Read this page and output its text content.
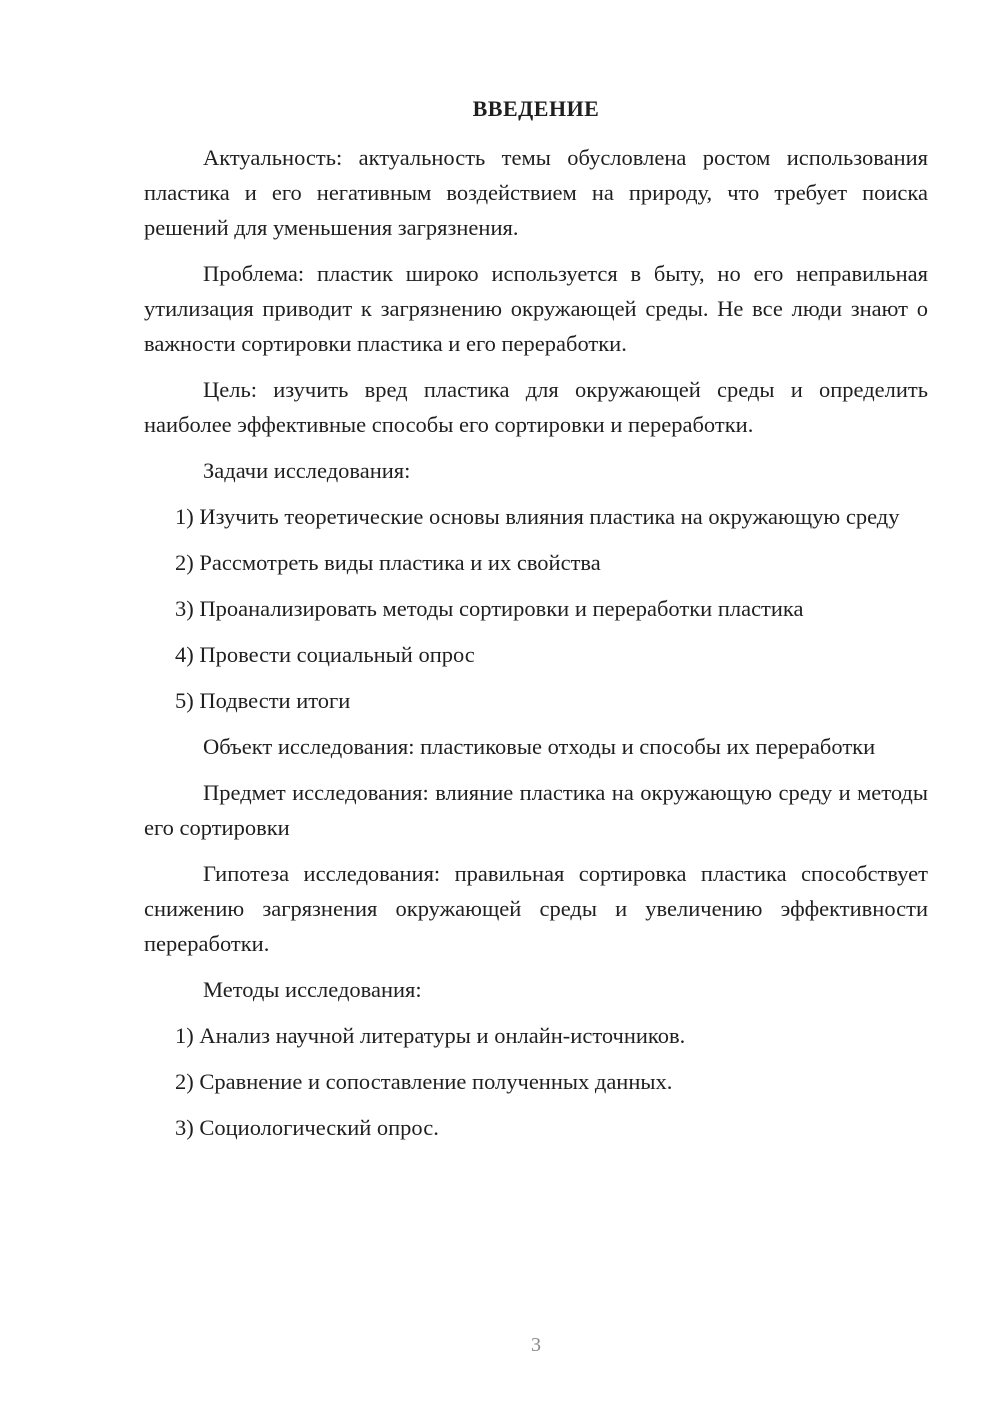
ВВЕДЕНИЕ

Актуальность: актуальность темы обусловлена ростом использования пластика и его негативным воздействием на природу, что требует поиска решений для уменьшения загрязнения.

Проблема: пластик широко используется в быту, но его неправильная утилизация приводит к загрязнению окружающей среды. Не все люди знают о важности сортировки пластика и его переработки.

Цель: изучить вред пластика для окружающей среды и определить наиболее эффективные способы его сортировки и переработки.

Задачи исследования:

1) Изучить теоретические основы влияния пластика на окружающую среду

2) Рассмотреть виды пластика и их свойства

3) Проанализировать методы сортировки и переработки пластика

4) Провести социальный опрос

5) Подвести итоги

Объект исследования: пластиковые отходы и способы их переработки

Предмет исследования: влияние пластика на окружающую среду и методы его сортировки

Гипотеза исследования: правильная сортировка пластика способствует снижению загрязнения окружающей среды и увеличению эффективности переработки.

Методы исследования:

1) Анализ научной литературы и онлайн-источников.

2) Сравнение и сопоставление полученных данных.

3) Социологический опрос.

3
